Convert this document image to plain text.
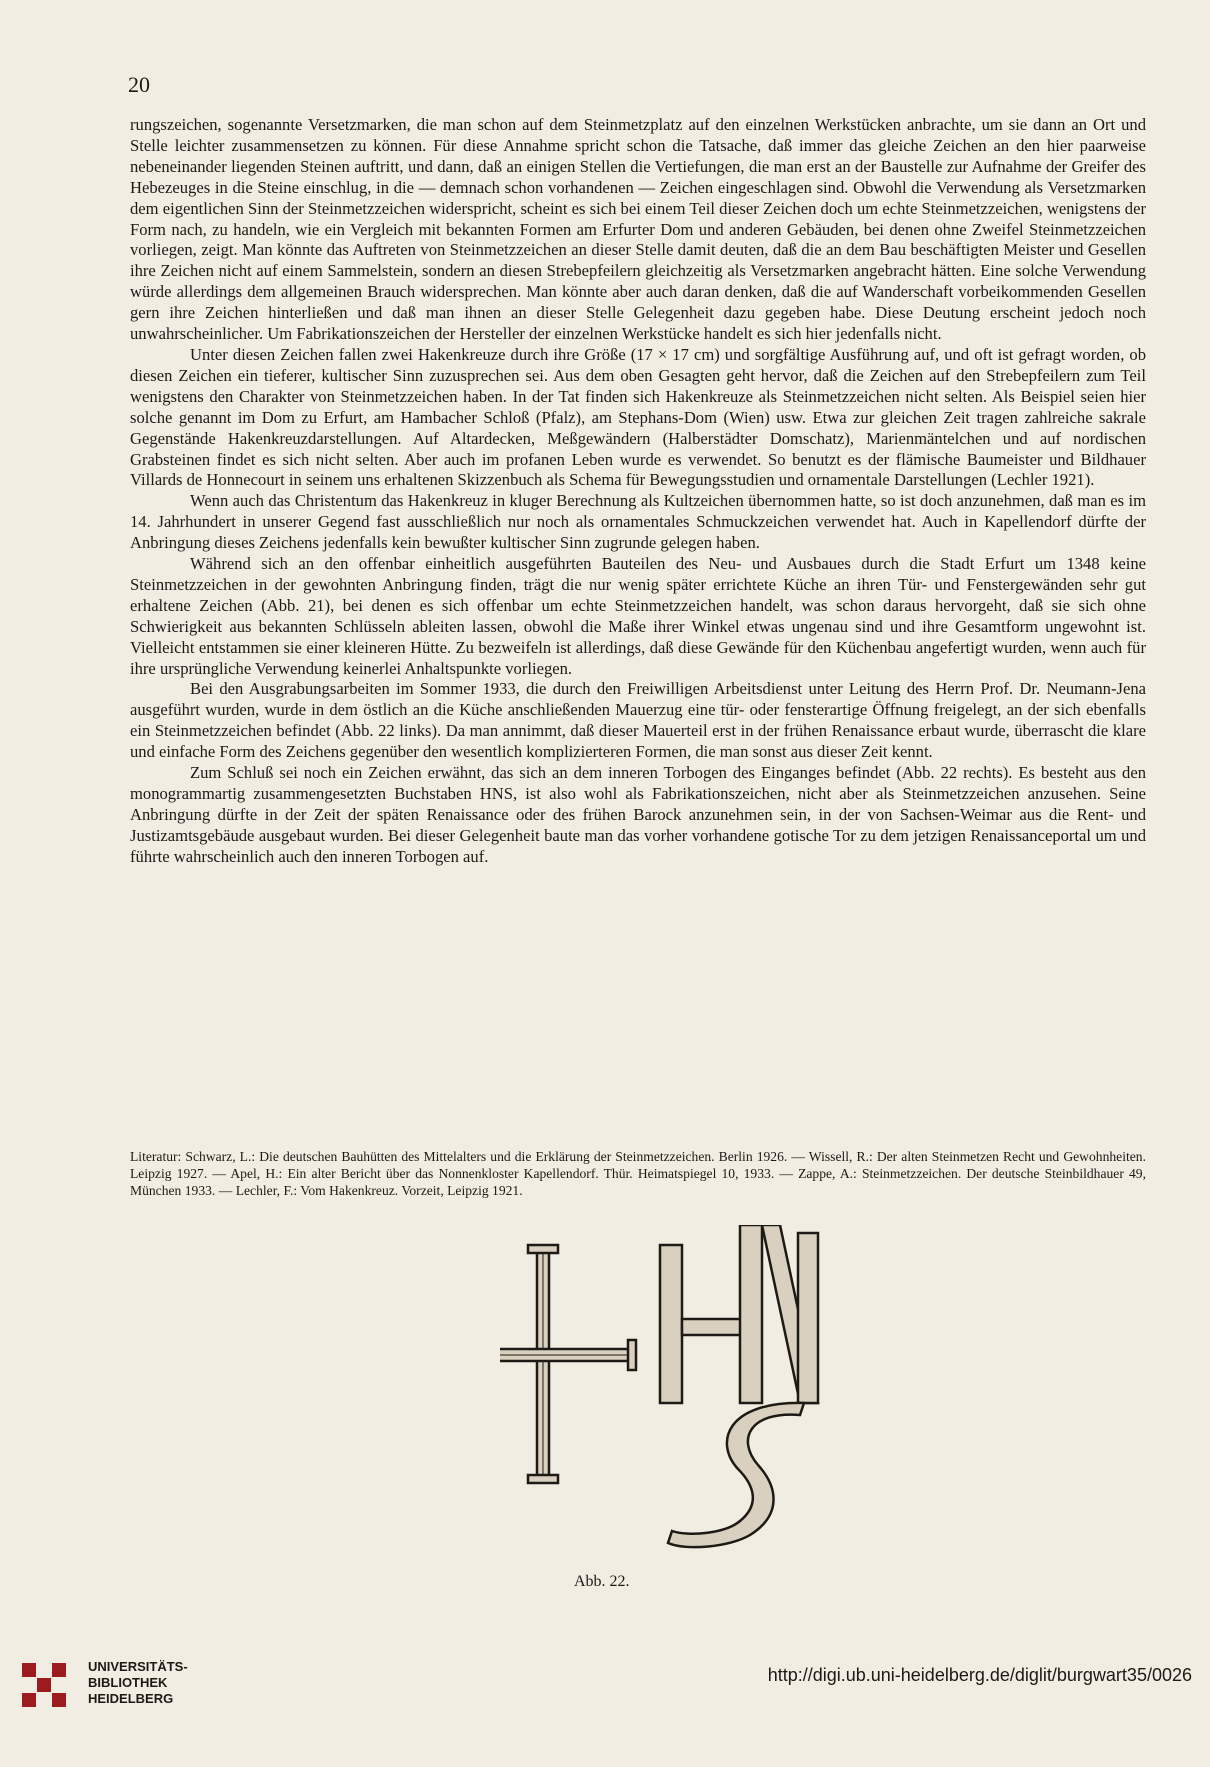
20

rungszeichen, sogenannte Versetzmarken, die man schon auf dem Steinmetzplatz auf den einzelnen Werkstücken anbrachte, um sie dann an Ort und Stelle leichter zusammensetzen zu können. Für diese Annahme spricht schon die Tatsache, daß immer das gleiche Zeichen an den hier paarweise nebeneinander liegenden Steinen auftritt, und dann, daß an einigen Stellen die Vertiefungen, die man erst an der Baustelle zur Aufnahme der Greifer des Hebezeuges in die Steine einschlug, in die — demnach schon vorhandenen — Zeichen eingeschlagen sind. Obwohl die Verwendung als Versetzmarken dem eigentlichen Sinn der Steinmetzzeichen widerspricht, scheint es sich bei einem Teil dieser Zeichen doch um echte Steinmetzzeichen, wenigstens der Form nach, zu handeln, wie ein Vergleich mit bekannten Formen am Erfurter Dom und anderen Gebäuden, bei denen ohne Zweifel Steinmetzzeichen vorliegen, zeigt. Man könnte das Auftreten von Steinmetzzeichen an dieser Stelle damit deuten, daß die an dem Bau beschäftigten Meister und Gesellen ihre Zeichen nicht auf einem Sammelstein, sondern an diesen Strebepfeilern gleichzeitig als Versetzmarken angebracht hätten. Eine solche Verwendung würde allerdings dem allgemeinen Brauch widersprechen. Man könnte aber auch daran denken, daß die auf Wanderschaft vorbeikommenden Gesellen gern ihre Zeichen hinterließen und daß man ihnen an dieser Stelle Gelegenheit dazu gegeben habe. Diese Deutung erscheint jedoch noch unwahrscheinlicher. Um Fabrikationszeichen der Hersteller der einzelnen Werkstücke handelt es sich hier jedenfalls nicht.

Unter diesen Zeichen fallen zwei Hakenkreuze durch ihre Größe (17 × 17 cm) und sorgfältige Ausführung auf, und oft ist gefragt worden, ob diesen Zeichen ein tieferer, kultischer Sinn zuzusprechen sei. Aus dem oben Gesagten geht hervor, daß die Zeichen auf den Strebepfeilern zum Teil wenigstens den Charakter von Steinmetzzeichen haben. In der Tat finden sich Hakenkreuze als Steinmetzzeichen nicht selten. Als Beispiel seien hier solche genannt im Dom zu Erfurt, am Hambacher Schloß (Pfalz), am Stephans-Dom (Wien) usw. Etwa zur gleichen Zeit tragen zahlreiche sakrale Gegenstände Hakenkreuzdarstellungen. Auf Altardecken, Meßgewändern (Halberstädter Domschatz), Marienmäntelchen und auf nordischen Grabsteinen findet es sich nicht selten. Aber auch im profanen Leben wurde es verwendet. So benutzt es der flämische Baumeister und Bildhauer Villards de Honnecourt in seinem uns erhaltenen Skizzenbuch als Schema für Bewegungsstudien und ornamentale Darstellungen (Lechler 1921).

Wenn auch das Christentum das Hakenkreuz in kluger Berechnung als Kultzeichen übernommen hatte, so ist doch anzunehmen, daß man es im 14. Jahrhundert in unserer Gegend fast ausschließlich nur noch als ornamentales Schmuckzeichen verwendet hat. Auch in Kapellendorf dürfte der Anbringung dieses Zeichens jedenfalls kein bewußter kultischer Sinn zugrunde gelegen haben.

Während sich an den offenbar einheitlich ausgeführten Bauteilen des Neu- und Ausbaues durch die Stadt Erfurt um 1348 keine Steinmetzzeichen in der gewohnten Anbringung finden, trägt die nur wenig später errichtete Küche an ihren Tür- und Fenstergewänden sehr gut erhaltene Zeichen (Abb. 21), bei denen es sich offenbar um echte Steinmetzzeichen handelt, was schon daraus hervorgeht, daß sie sich ohne Schwierigkeit aus bekannten Schlüsseln ableiten lassen, obwohl die Maße ihrer Winkel etwas ungenau sind und ihre Gesamtform ungewohnt ist. Vielleicht entstammen sie einer kleineren Hütte. Zu bezweifeln ist allerdings, daß diese Gewände für den Küchenbau angefertigt wurden, wenn auch für ihre ursprüngliche Verwendung keinerlei Anhaltspunkte vorliegen.

Bei den Ausgrabungsarbeiten im Sommer 1933, die durch den Freiwilligen Arbeitsdienst unter Leitung des Herrn Prof. Dr. Neumann-Jena ausgeführt wurden, wurde in dem östlich an die Küche anschließenden Mauerzug eine tür- oder fensterartige Öffnung freigelegt, an der sich ebenfalls ein Steinmetzzeichen befindet (Abb. 22 links). Da man annimmt, daß dieser Mauerteil erst in der frühen Renaissance erbaut wurde, überrascht die klare und einfache Form des Zeichens gegenüber den wesentlich komplizierteren Formen, die man sonst aus dieser Zeit kennt.

Zum Schluß sei noch ein Zeichen erwähnt, das sich an dem inneren Torbogen des Einganges befindet (Abb. 22 rechts). Es besteht aus den monogrammartig zusammengesetzten Buchstaben HNS, ist also wohl als Fabrikationszeichen, nicht aber als Steinmetzzeichen anzusehen. Seine Anbringung dürfte in der Zeit der späten Renaissance oder des frühen Barock anzunehmen sein, in der von Sachsen-Weimar aus die Rent- und Justizamtsgebäude ausgebaut wurden. Bei dieser Gelegenheit baute man das vorher vorhandene gotische Tor zu dem jetzigen Renaissanceportal um und führte wahrscheinlich auch den inneren Torbogen auf.

Literatur: Schwarz, L.: Die deutschen Bauhütten des Mittelalters und die Erklärung der Steinmetzzeichen. Berlin 1926. — Wissell, R.: Der alten Steinmetzen Recht und Gewohnheiten. Leipzig 1927. — Apel, H.: Ein alter Bericht über das Nonnenkloster Kapellendorf. Thür. Heimatspiegel 10, 1933. — Zappe, A.: Steinmetzzeichen. Der deutsche Steinbildhauer 49, München 1933. — Lechler, F.: Vom Hakenkreuz. Vorzeit, Leipzig 1921.
Abb. 22.
UNIVERSITÄTS-
BIBLIOTHEK
HEIDELBERG
http://digi.ub.uni-heidelberg.de/diglit/burgwart35/0026
